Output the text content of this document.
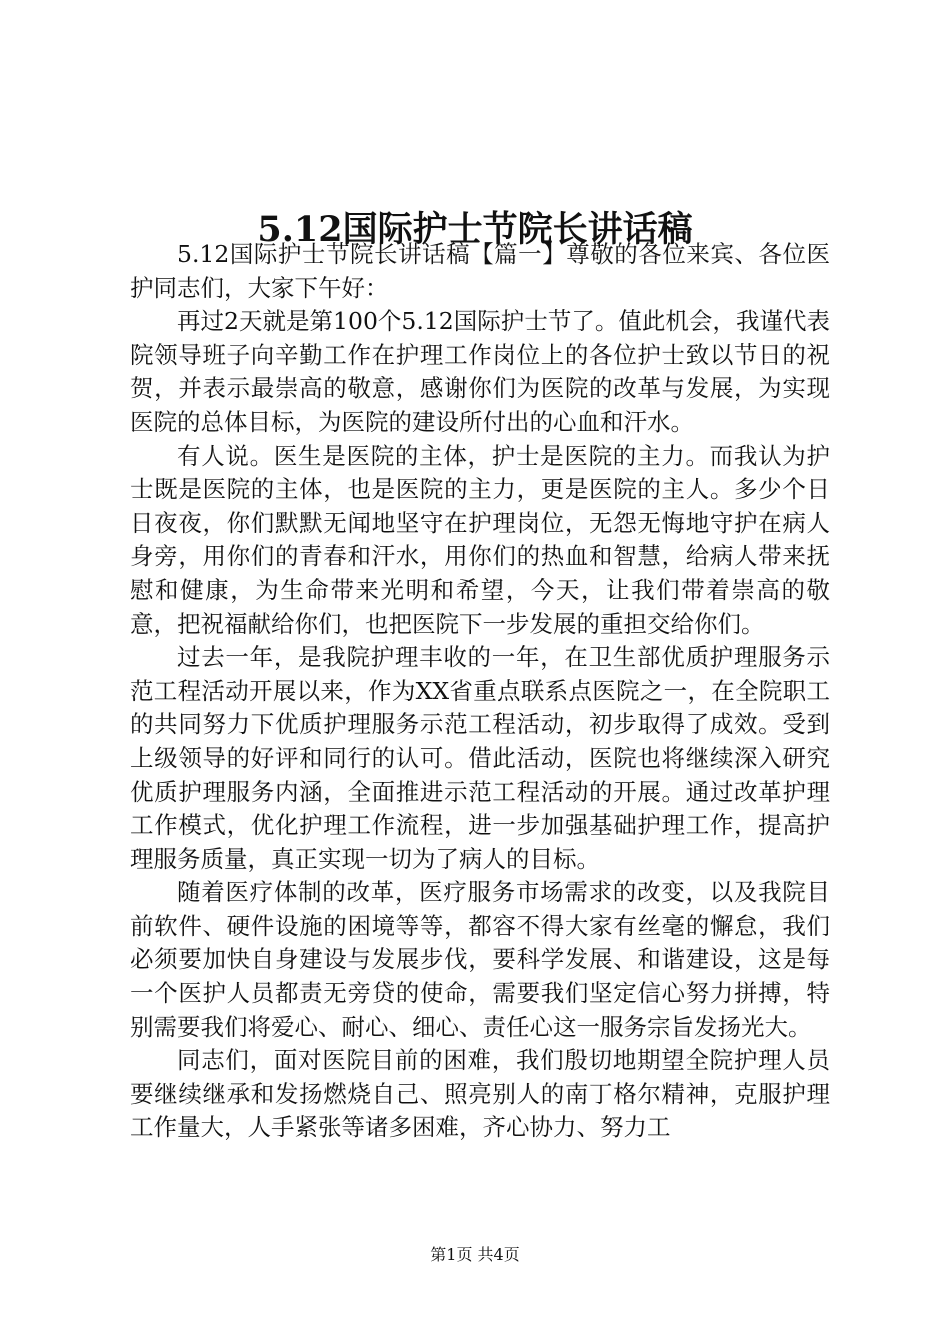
5.12国际护士节院长讲话稿

5.12国际护士节院长讲话稿【篇一】尊敬的各位来宾、各位医护同志们，大家下午好：

再过2天就是第100个5.12国际护士节了。值此机会，我谨代表院领导班子向辛勤工作在护理工作岗位上的各位护士致以节日的祝贺，并表示最崇高的敬意，感谢你们为医院的改革与发展，为实现医院的总体目标，为医院的建设所付出的心血和汗水。

有人说。医生是医院的主体，护士是医院的主力。而我认为护士既是医院的主体，也是医院的主力，更是医院的主人。多少个日日夜夜，你们默默无闻地坚守在护理岗位，无怨无悔地守护在病人身旁，用你们的青春和汗水，用你们的热血和智慧，给病人带来抚慰和健康，为生命带来光明和希望，今天，让我们带着崇高的敬意，把祝福献给你们，也把医院下一步发展的重担交给你们。

过去一年，是我院护理丰收的一年，在卫生部优质护理服务示范工程活动开展以来，作为XX省重点联系点医院之一，在全院职工的共同努力下优质护理服务示范工程活动，初步取得了成效。受到上级领导的好评和同行的认可。借此活动，医院也将继续深入研究优质护理服务内涵，全面推进示范工程活动的开展。通过改革护理工作模式，优化护理工作流程，进一步加强基础护理工作，提高护理服务质量，真正实现一切为了病人的目标。

随着医疗体制的改革，医疗服务市场需求的改变，以及我院目前软件、硬件设施的困境等等，都容不得大家有丝毫的懈怠，我们必须要加快自身建设与发展步伐，要科学发展、和谐建设，这是每一个医护人员都责无旁贷的使命，需要我们坚定信心努力拼搏，特别需要我们将爱心、耐心、细心、责任心这一服务宗旨发扬光大。

同志们，面对医院目前的困难，我们殷切地期望全院护理人员要继续继承和发扬燃烧自己、照亮别人的南丁格尔精神，克服护理工作量大，人手紧张等诸多困难，齐心协力、努力工

第1页 共4页
